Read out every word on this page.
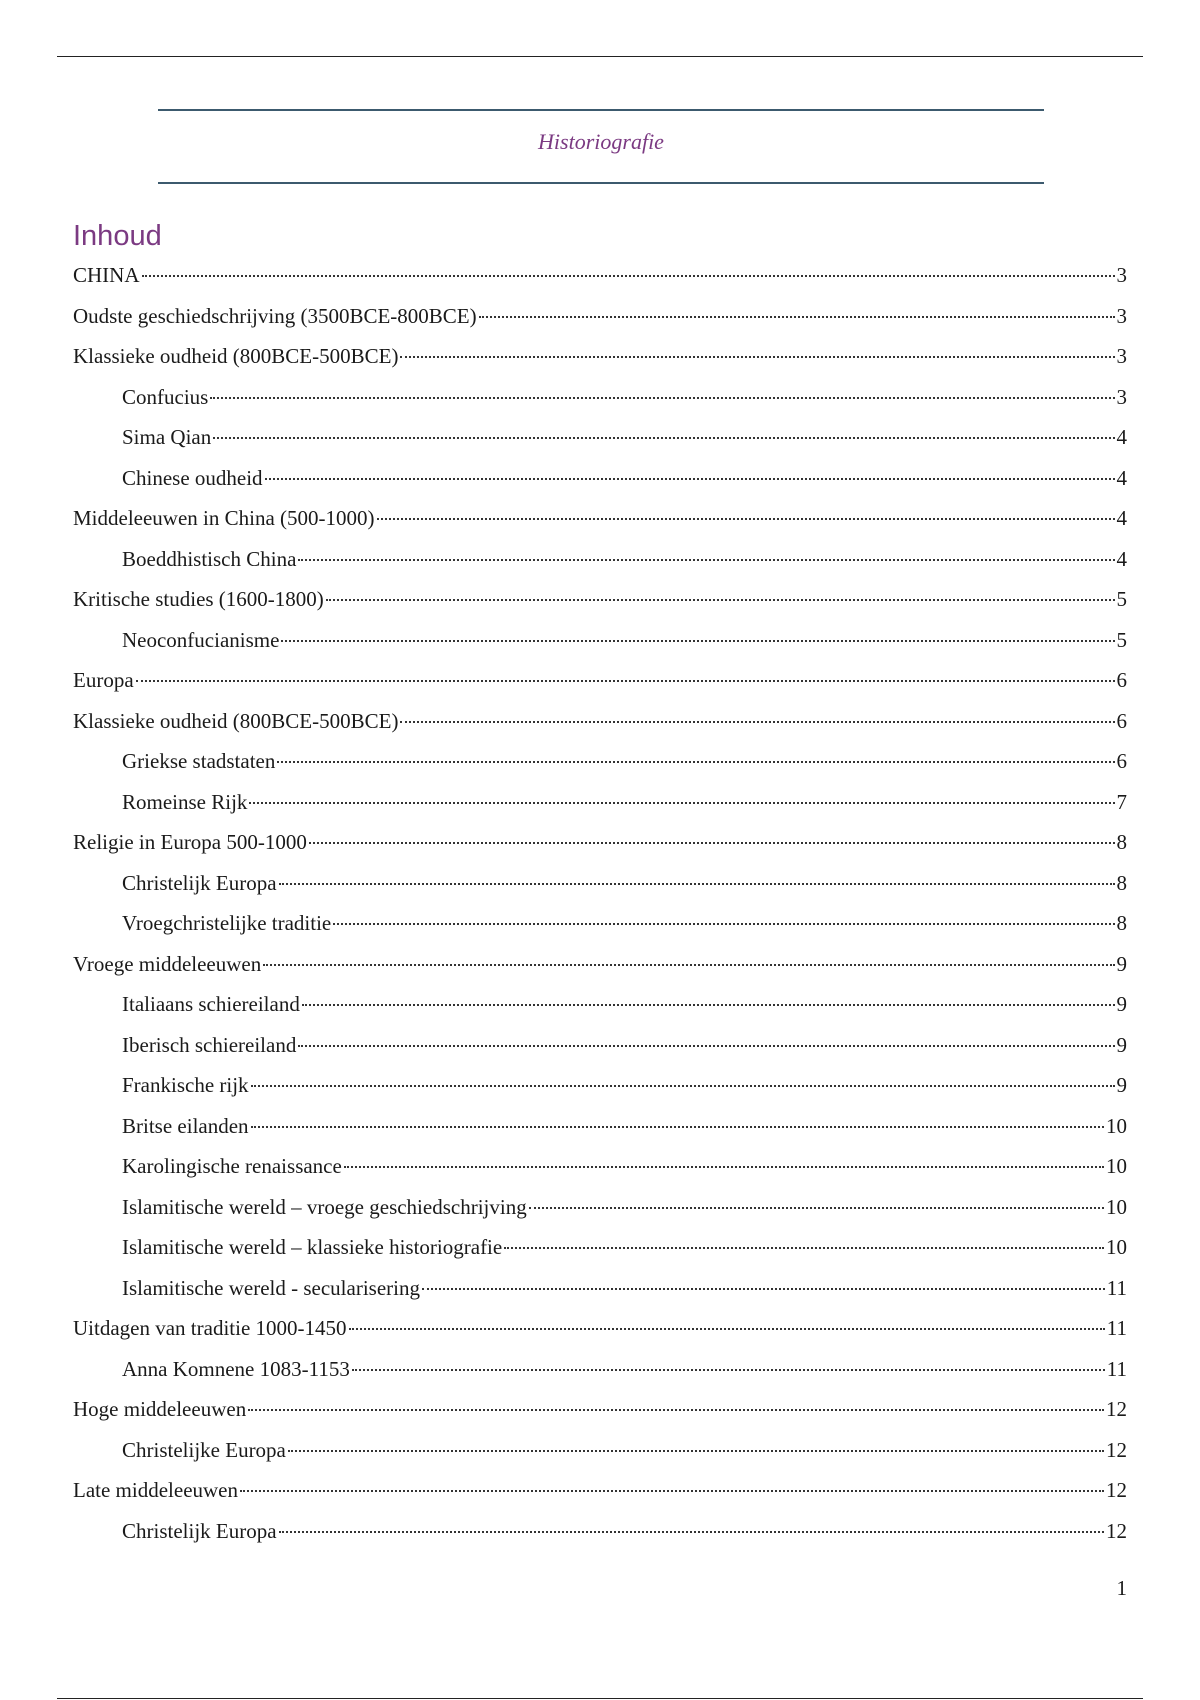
Historiografie
Inhoud
CHINA	3
Oudste geschiedschrijving (3500BCE-800BCE)	3
Klassieke oudheid (800BCE-500BCE)	3
Confucius	3
Sima Qian	4
Chinese oudheid	4
Middeleeuwen in China (500-1000)	4
Boeddhistisch China	4
Kritische studies (1600-1800)	5
Neoconfucianisme	5
Europa	6
Klassieke oudheid (800BCE-500BCE)	6
Griekse stadstaten	6
Romeinse Rijk	7
Religie in Europa 500-1000	8
Christelijk Europa	8
Vroegchristelijke traditie	8
Vroege middeleeuwen	9
Italiaans schiereiland	9
Iberisch schiereiland	9
Frankische rijk	9
Britse eilanden	10
Karolingische renaissance	10
Islamitische wereld – vroege geschiedschrijving	10
Islamitische wereld – klassieke historiografie	10
Islamitische wereld - secularisering	11
Uitdagen van traditie 1000-1450	11
Anna Komnene 1083-1153	11
Hoge middeleeuwen	12
Christelijke Europa	12
Late middeleeuwen	12
Christelijk Europa	12
1
